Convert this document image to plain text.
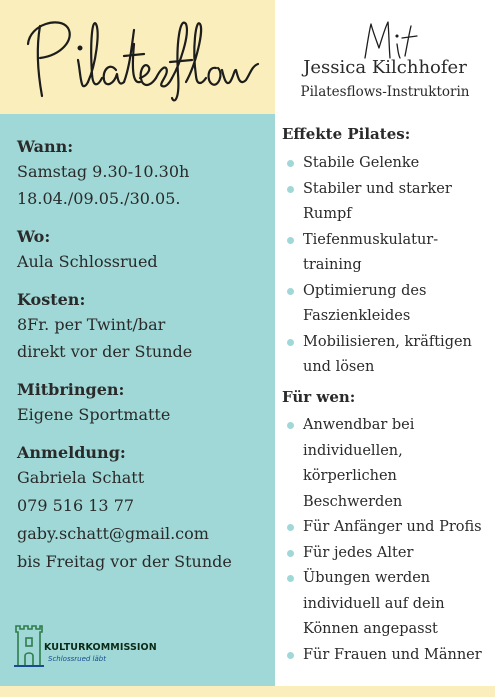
Wann:
Samstag 9.30-10.30h
18.04./09.05./30.05.
Wo:
Aula Schlossrued
Kosten:
8Fr. per Twint/bar
direkt vor der Stunde
Mitbringen:
Eigene Sportmatte
Anmeldung:
Gabriela Schatt
079 516 13 77
gaby.schatt@gmail.com
bis Freitag vor der Stunde
KULTURKOMMISSION
Schlossrued läbt
Jessica Kilchhofer
Pilatesflows-Instruktorin
Effekte Pilates:
Stabile Gelenke
Stabiler und starker
Rumpf
Tiefenmuskulatur-
training
Optimierung des
Faszienkleides
Mobilisieren, kräftigen
und lösen
Für wen:
Anwendbar bei
individuellen,
körperlichen
Beschwerden
Für Anfänger und Profis
Für jedes Alter
Übungen werden
individuell auf dein
Können angepasst
Für Frauen und Männer
